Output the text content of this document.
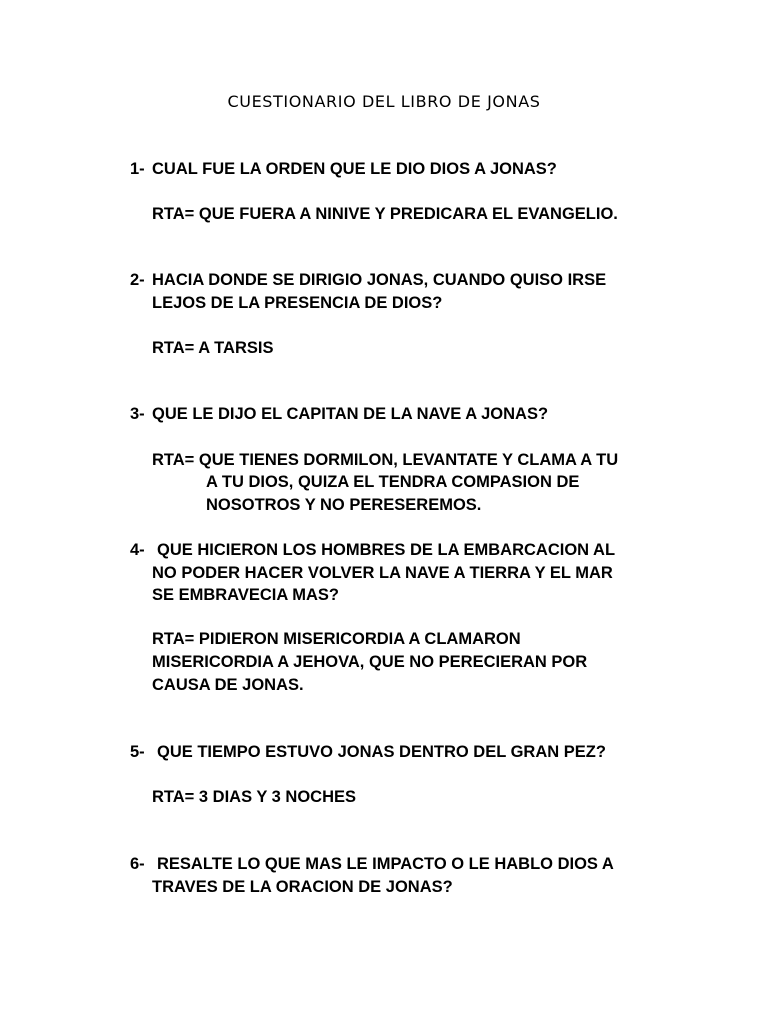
CUESTIONARIO DEL LIBRO DE JONAS
1- CUAL FUE LA ORDEN QUE LE DIO DIOS A JONAS?
RTA= QUE FUERA A NINIVE Y PREDICARA EL EVANGELIO.
2- HACIA DONDE SE DIRIGIO JONAS, CUANDO QUISO IRSE
LEJOS DE LA PRESENCIA DE DIOS?
RTA= A TARSIS
3- QUE LE DIJO EL CAPITAN DE LA NAVE A JONAS?
RTA= QUE TIENES DORMILON, LEVANTATE Y CLAMA A TU
A TU DIOS, QUIZA EL TENDRA COMPASION DE
NOSOTROS Y NO PERESEREMOS.
4- QUE HICIERON LOS HOMBRES DE LA EMBARCACION AL
NO PODER HACER VOLVER LA NAVE A TIERRA Y EL MAR
SE EMBRAVECIA MAS?
RTA= PIDIERON MISERICORDIA A CLAMARON
MISERICORDIA A JEHOVA, QUE NO PERECIERAN POR
CAUSA DE JONAS.
5- QUE TIEMPO ESTUVO JONAS DENTRO DEL GRAN PEZ?
RTA= 3 DIAS Y 3 NOCHES
6- RESALTE LO QUE MAS LE IMPACTO O LE HABLO DIOS A
TRAVES DE LA ORACION DE JONAS?
